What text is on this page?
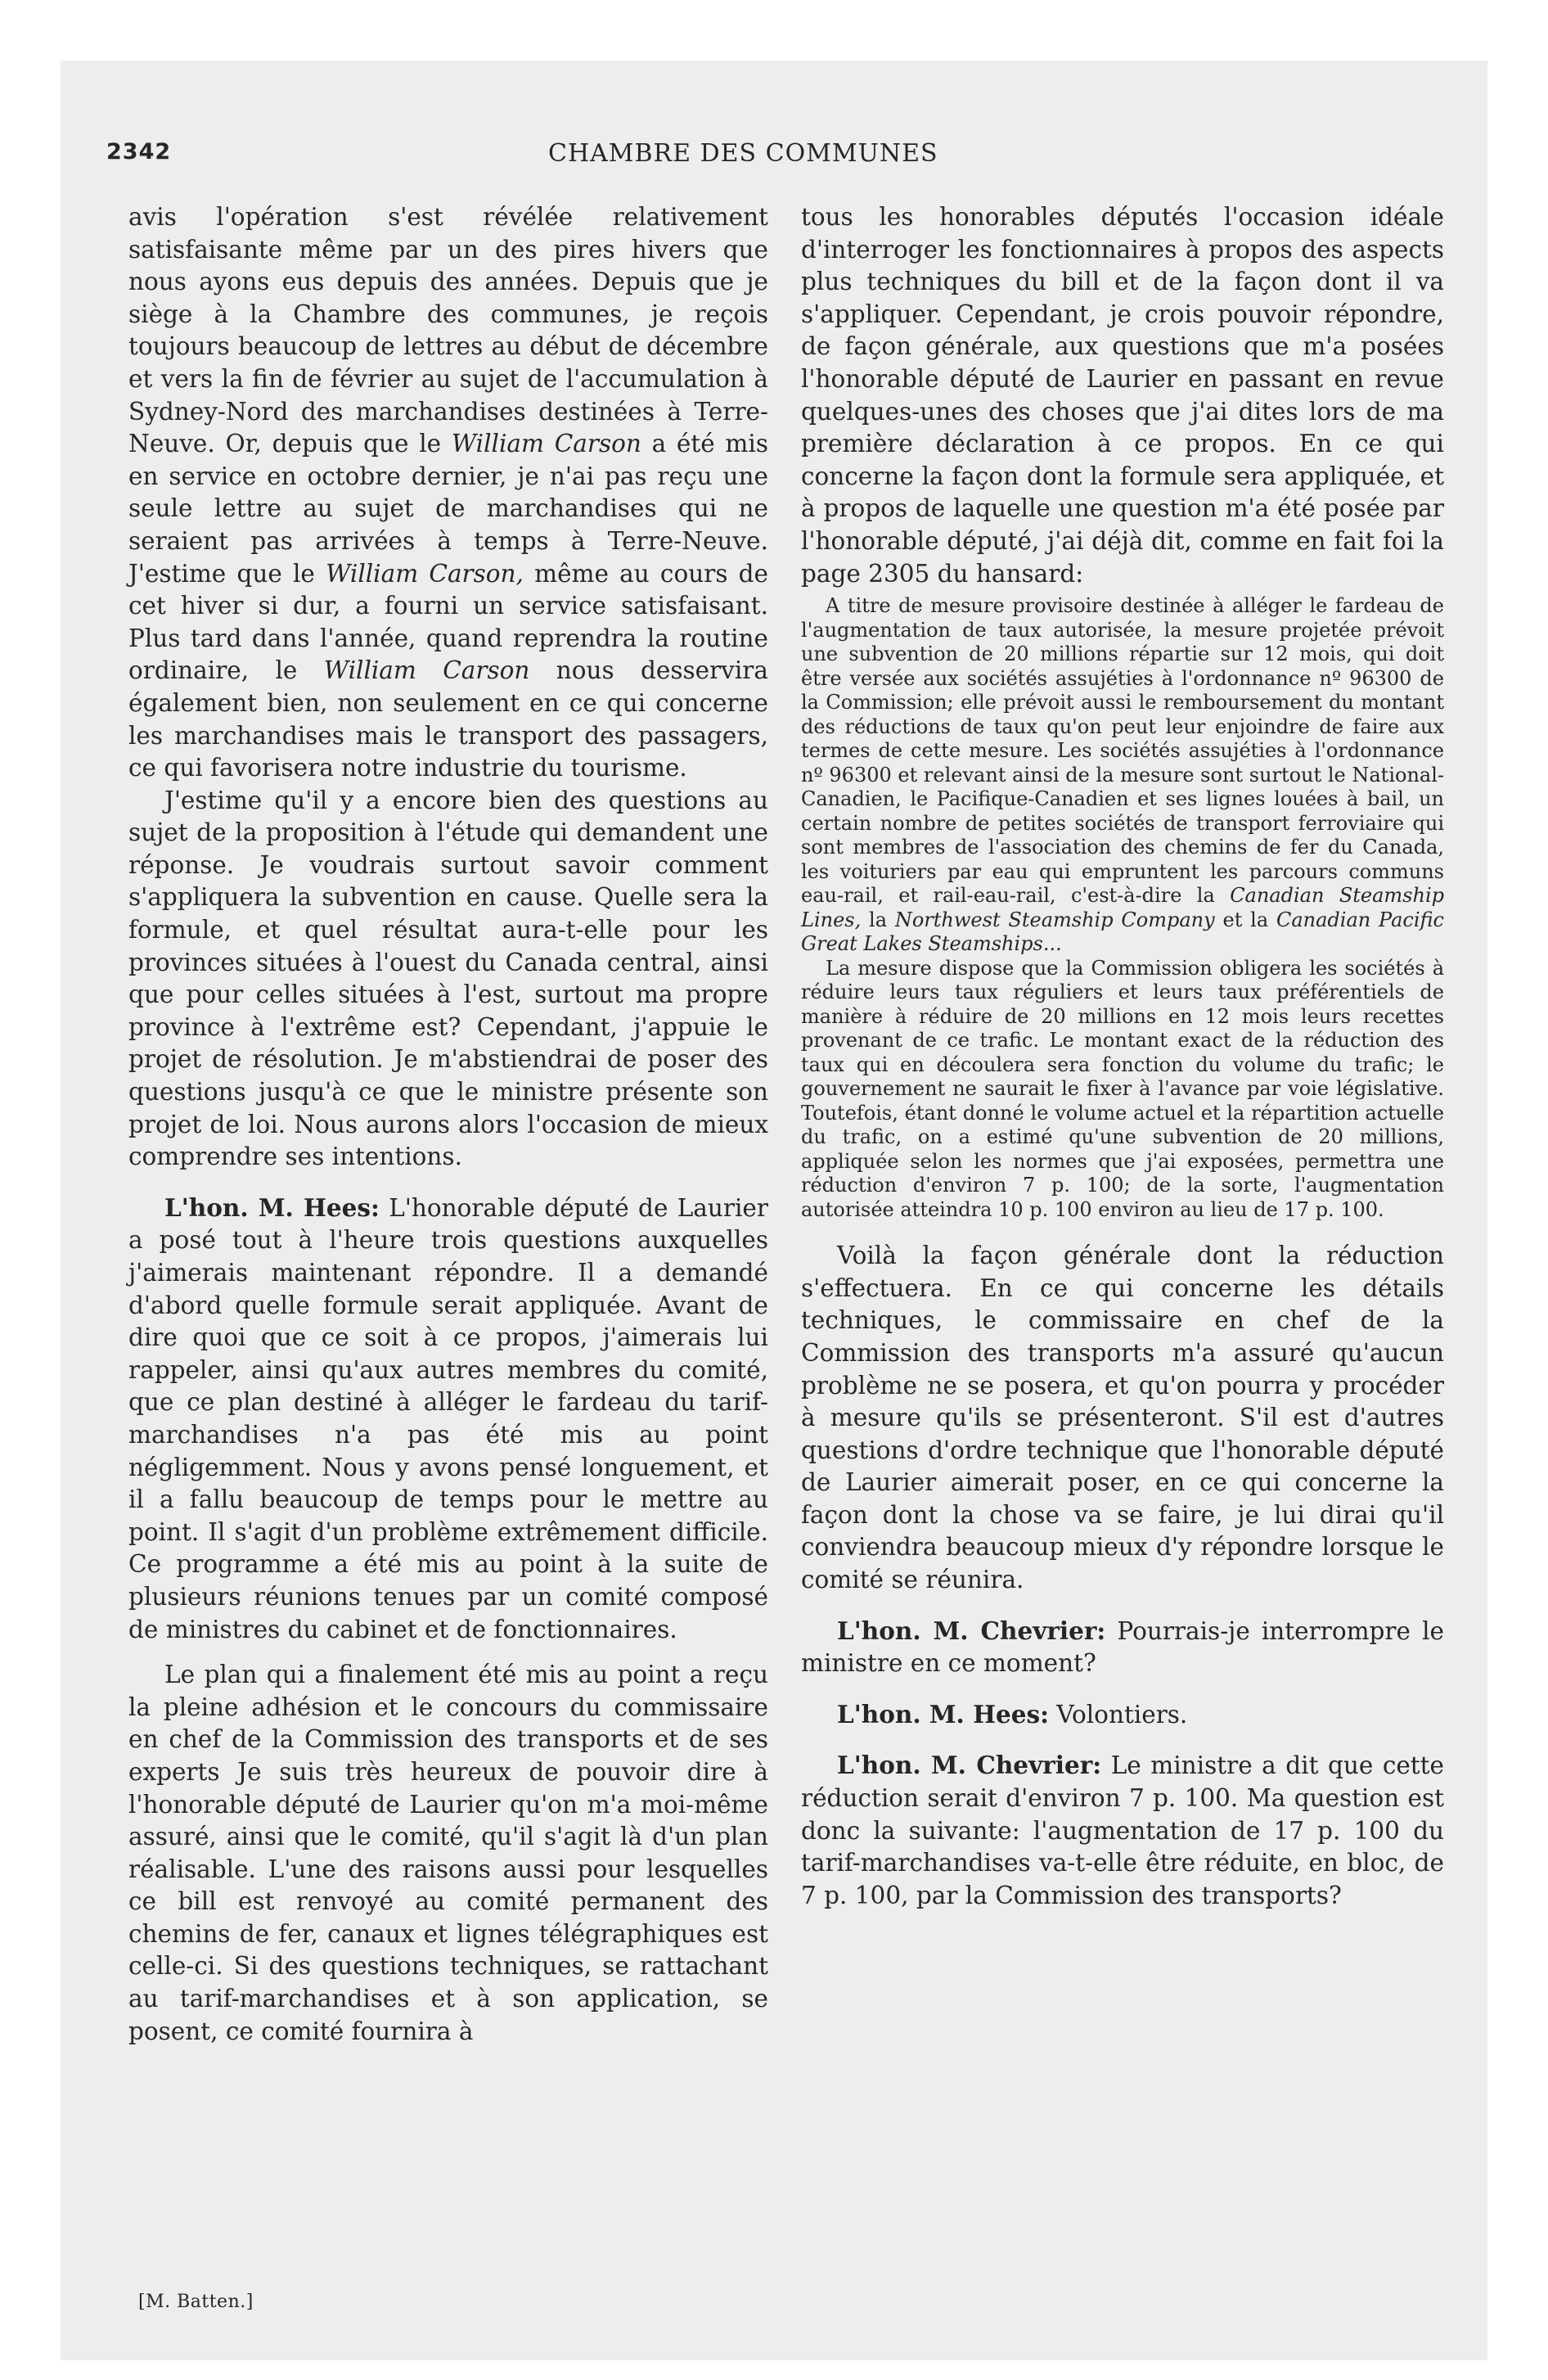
2342	CHAMBRE DES COMMUNES

avis l'opération s'est révélée relativement satisfaisante même par un des pires hivers que nous ayons eus depuis des années. Depuis que je siège à la Chambre des communes, je reçois toujours beaucoup de lettres au début de décembre et vers la fin de février au sujet de l'accumulation à Sydney-Nord des marchandises destinées à Terre-Neuve. Or, depuis que le William Carson a été mis en service en octobre dernier, je n'ai pas reçu une seule lettre au sujet de marchandises qui ne seraient pas arrivées à temps à Terre-Neuve. J'estime que le William Carson, même au cours de cet hiver si dur, a fourni un service satisfaisant. Plus tard dans l'année, quand reprendra la routine ordinaire, le William Carson nous desservira également bien, non seulement en ce qui concerne les marchandises mais le transport des passagers, ce qui favorisera notre industrie du tourisme.

J'estime qu'il y a encore bien des questions au sujet de la proposition à l'étude qui demandent une réponse. Je voudrais surtout savoir comment s'appliquera la subvention en cause. Quelle sera la formule, et quel résultat aura-t-elle pour les provinces situées à l'ouest du Canada central, ainsi que pour celles situées à l'est, surtout ma propre province à l'extrême est? Cependant, j'appuie le projet de résolution. Je m'abstiendrai de poser des questions jusqu'à ce que le ministre présente son projet de loi. Nous aurons alors l'occasion de mieux comprendre ses intentions.

L'hon. M. Hees: L'honorable député de Laurier a posé tout à l'heure trois questions auxquelles j'aimerais maintenant répondre. Il a demandé d'abord quelle formule serait appliquée. Avant de dire quoi que ce soit à ce propos, j'aimerais lui rappeler, ainsi qu'aux autres membres du comité, que ce plan destiné à alléger le fardeau du tarif-marchandises n'a pas été mis au point négligemment. Nous y avons pensé longuement, et il a fallu beaucoup de temps pour le mettre au point. Il s'agit d'un problème extrêmement difficile. Ce programme a été mis au point à la suite de plusieurs réunions tenues par un comité composé de ministres du cabinet et de fonctionnaires.

Le plan qui a finalement été mis au point a reçu la pleine adhésion et le concours du commissaire en chef de la Commission des transports et de ses experts Je suis très heureux de pouvoir dire à l'honorable député de Laurier qu'on m'a moi-même assuré, ainsi que le comité, qu'il s'agit là d'un plan réalisable. L'une des raisons aussi pour lesquelles ce bill est renvoyé au comité permanent des chemins de fer, canaux et lignes télégraphiques est celle-ci. Si des questions techniques, se rattachant au tarif-marchandises et à son application, se posent, ce comité fournira à

tous les honorables députés l'occasion idéale d'interroger les fonctionnaires à propos des aspects plus techniques du bill et de la façon dont il va s'appliquer. Cependant, je crois pouvoir répondre, de façon générale, aux questions que m'a posées l'honorable député de Laurier en passant en revue quelques-unes des choses que j'ai dites lors de ma première déclaration à ce propos. En ce qui concerne la façon dont la formule sera appliquée, et à propos de laquelle une question m'a été posée par l'honorable député, j'ai déjà dit, comme en fait foi la page 2305 du hansard:

A titre de mesure provisoire destinée à alléger le fardeau de l'augmentation de taux autorisée, la mesure projetée prévoit une subvention de 20 millions répartie sur 12 mois, qui doit être versée aux sociétés assujéties à l'ordonnance nº 96300 de la Commission; elle prévoit aussi le remboursement du montant des réductions de taux qu'on peut leur enjoindre de faire aux termes de cette mesure. Les sociétés assujéties à l'ordonnance nº 96300 et relevant ainsi de la mesure sont surtout le National-Canadien, le Pacifique-Canadien et ses lignes louées à bail, un certain nombre de petites sociétés de transport ferroviaire qui sont membres de l'association des chemins de fer du Canada, les voituriers par eau qui empruntent les parcours communs eau-rail, et rail-eau-rail, c'est-à-dire la Canadian Steamship Lines, la Northwest Steamship Company et la Canadian Pacific Great Lakes Steamships...

La mesure dispose que la Commission obligera les sociétés à réduire leurs taux réguliers et leurs taux préférentiels de manière à réduire de 20 millions en 12 mois leurs recettes provenant de ce trafic. Le montant exact de la réduction des taux qui en découlera sera fonction du volume du trafic; le gouvernement ne saurait le fixer à l'avance par voie législative. Toutefois, étant donné le volume actuel et la répartition actuelle du trafic, on a estimé qu'une subvention de 20 millions, appliquée selon les normes que j'ai exposées, permettra une réduction d'environ 7 p. 100; de la sorte, l'augmentation autorisée atteindra 10 p. 100 environ au lieu de 17 p. 100.

Voilà la façon générale dont la réduction s'effectuera. En ce qui concerne les détails techniques, le commissaire en chef de la Commission des transports m'a assuré qu'aucun problème ne se posera, et qu'on pourra y procéder à mesure qu'ils se présenteront. S'il est d'autres questions d'ordre technique que l'honorable député de Laurier aimerait poser, en ce qui concerne la façon dont la chose va se faire, je lui dirai qu'il conviendra beaucoup mieux d'y répondre lorsque le comité se réunira.

L'hon. M. Chevrier: Pourrais-je interrompre le ministre en ce moment?

L'hon. M. Hees: Volontiers.

L'hon. M. Chevrier: Le ministre a dit que cette réduction serait d'environ 7 p. 100. Ma question est donc la suivante: l'augmentation de 17 p. 100 du tarif-marchandises va-t-elle être réduite, en bloc, de 7 p. 100, par la Commission des transports?

[M. Batten.]
